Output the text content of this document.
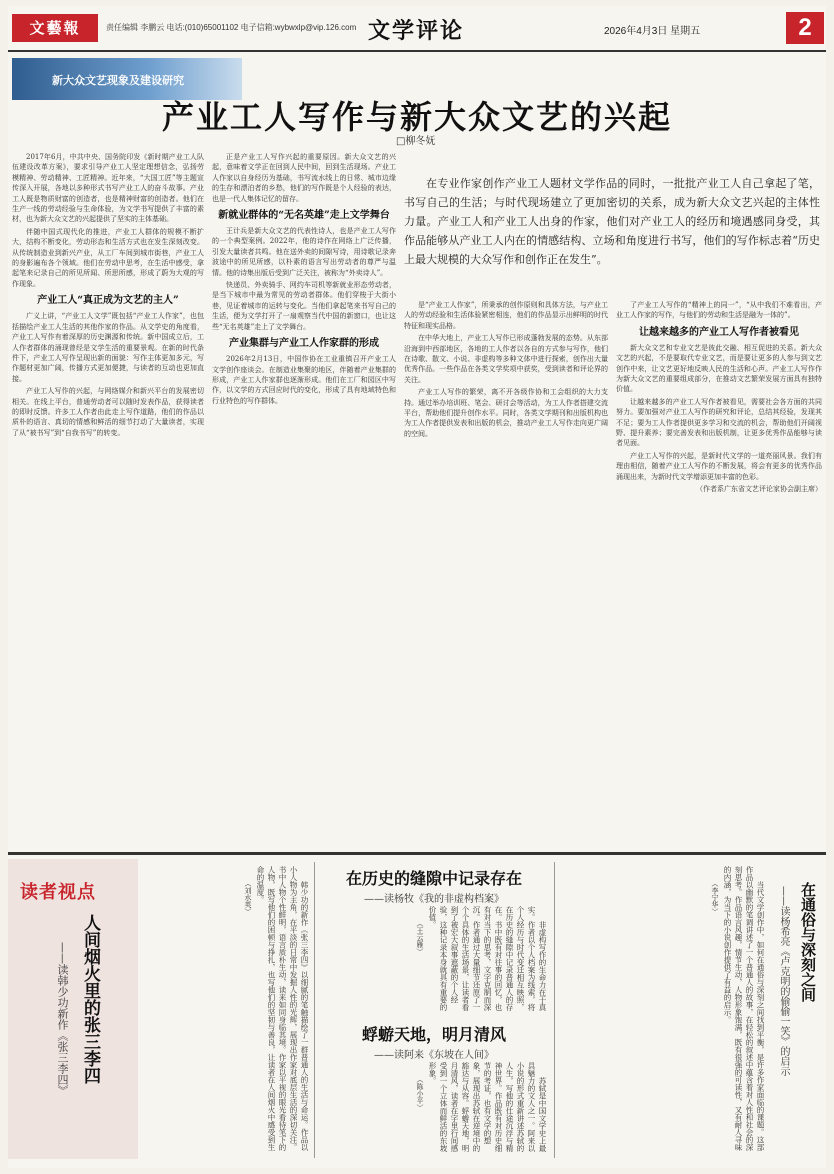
文藝報	责任编辑 李鹏云 电话:(010)65001102 电子信箱:wybwxlp@vip.126.com 文学评论	2026年4月3日 星期五	2
新大众文艺现象及建设研究
产业工人写作与新大众文艺的兴起
□柳冬妩

2017年6月，中共中央、国务院印发《新时期产业工人队伍建设改革方案》，要求引导产业工人坚定理想信念，弘扬劳模精神、劳动精神、工匠精神。近年来，“大国工匠”等主题宣传深入开展，各地以多种形式书写产业工人的奋斗故事。产业工人既是物质财富的创造者，也是精神财富的创造者。他们在生产一线的劳动经验与生命体验，为文学书写提供了丰富的素材，也为新大众文艺的兴起提供了坚实的主体基础。

伴随中国式现代化的推进，产业工人群体的规模不断扩大，结构不断变化，劳动形态和生活方式也在发生深刻改变。从传统制造业到新兴产业，从工厂车间到城市街巷，产业工人的身影遍布各个领域。他们在劳动中思考，在生活中感受，拿起笔来记录自己的所见所闻、所思所感，形成了蔚为大观的写作现象。

产业工人“真正成为文艺的主人”

广义上讲，“产业工人文学”既包括“产业工人作家”，也包括描绘产业工人生活的其他作家的作品。从文学史的角度看，产业工人写作有着深厚的历史渊源和传统。新中国成立后，工人作者群体的涌现曾经是文学生活的重要景观。在新的时代条件下，产业工人写作呈现出新的面貌：写作主体更加多元，写作题材更加广阔，传播方式更加便捷，与读者的互动也更加直接。

产业工人写作的兴起，与网络媒介和新兴平台的发展密切相关。在线上平台，普通劳动者可以随时发表作品，获得读者的即时反馈。许多工人作者由此走上写作道路，他们的作品以质朴的语言、真切的情感和鲜活的细节打动了大量读者，实现了从“被书写”到“自我书写”的转变。

正是产业工人写作兴起的重要原因。新大众文艺的兴起，意味着文学正在回到人民中间，回到生活现场。产业工人作家以自身经历为基础，书写流水线上的日常、城市边缘的生存和漂泊者的乡愁，他们的写作既是个人经验的表达，也是一代人集体记忆的留存。

新就业群体的“无名英雄”走上文学舞台

王计兵是新大众文艺的代表性诗人，也是产业工人写作的一个典型案例。2022年，他的诗作在网络上广泛传播，引发大量读者共鸣。他在送外卖的间隙写诗，用诗歌记录奔波途中的所见所感，以朴素的语言写出劳动者的尊严与温情。他的诗集出版后受到广泛关注，被称为“外卖诗人”。

快递员、外卖骑手、网约车司机等新就业形态劳动者，是当下城市中最为常见的劳动者群体。他们穿梭于大街小巷，见证着城市的运转与变化。当他们拿起笔来书写自己的生活，便为文学打开了一扇观察当代中国的新窗口，也让这些“无名英雄”走上了文学舞台。

产业集群与产业工人作家群的形成

2026年2月13日，中国作协在工业重镇召开产业工人文学创作座谈会。在制造业集聚的地区，伴随着产业集群的形成，产业工人作家群也逐渐形成。他们在工厂和园区中写作，以文学的方式回应时代的变化，形成了具有地域特色和行业特色的写作群体。

在专业作家创作产业工人题材文学作品的同时，一批批产业工人自己拿起了笔，书写自己的生活；与时代现场建立了更加密切的关系，成为新大众文艺兴起的主体性力量。产业工人和产业工人出身的作家，他们对产业工人的经历和境遇感同身受，其作品能够从产业工人内在的情感结构、立场和角度进行书写，他们的写作标志着“历史上最大规模的大众写作和创作正在发生”。

是“产业工人作家”，所秉承的创作原则和具体方法，与产业工人的劳动经验和生活体验紧密相连，他们的作品显示出鲜明的时代特征和现实品格。

在中华大地上，产业工人写作已形成蓬勃发展的态势。从东部沿海到中西部地区，各地的工人作者以各自的方式参与写作，他们在诗歌、散文、小说、非虚构等多种文体中进行探索，创作出大量优秀作品。一些作品在各类文学奖项中获奖，受到读者和评论界的关注。

产业工人写作的繁荣，离不开各级作协和工会组织的大力支持。通过举办培训班、笔会、研讨会等活动，为工人作者搭建交流平台，帮助他们提升创作水平。同时，各类文学期刊和出版机构也为工人作者提供发表和出版的机会，推动产业工人写作走向更广阔的空间。

了产业工人写作的“精神上的同一”，“从中我们不难看出，产业工人作家的写作，与他们的劳动和生活是融为一体的”。

让越来越多的产业工人写作者被看见

新大众文艺和专业文艺是彼此交融、相互促进的关系。新大众文艺的兴起，不是要取代专业文艺，而是要让更多的人参与到文艺创作中来，让文艺更好地反映人民的生活和心声。产业工人写作作为新大众文艺的重要组成部分，在推动文艺繁荣发展方面具有独特价值。

让越来越多的产业工人写作者被看见，需要社会各方面的共同努力。要加强对产业工人写作的研究和评论，总结其经验，发现其不足；要为工人作者提供更多学习和交流的机会，帮助他们开阔视野、提升素养；要完善发表和出版机制，让更多优秀作品能够与读者见面。

产业工人写作的兴起，是新时代文学的一道亮丽风景。我们有理由相信，随着产业工人写作的不断发展，将会有更多的优秀作品涌现出来，为新时代文学增添更加丰富的色彩。

（作者系广东省文艺评论家协会副主席）

读者视点
人间烟火里的张三李四
——读韩少功新作《张三李四》	韩少功的新作《张三李四》以细腻的笔触描绘了一群普通人的生活与命运。作品以小人物为主角，在平淡的日常中发掘人性的光辉，展现出作家对底层生活的深切关注。书中人物个性鲜明，语言质朴生动，读来如同身临其境。作家以平视的眼光看待笔下的人物，既写他们的困顿与挣扎，也写他们的坚韧与善良，让读者在人间烟火中感受到生命的温度。

（刘水英）

在历史的缝隙中记录存在
——读杨牧《我的非虚构档案》

非虚构写作的生命力在于真实。作者以个人档案为线索，将个人经历与时代变迁相互映照，在历史的缝隙中记录普通人的存在。书中既有对往事的回忆，也有对当下的思考，文字克制而深沉。作者通过大量细节还原了一个个具体的生活场景，让读者看到了被宏大叙事遮蔽的个人经验，这种记录本身就具有重要的价值。

（王云雁）

蜉蝣天地，明月清风
——读阿来《东坡在人间》

苏轼是中国文学史上最具魅力的文人之一。阿来以小说的形式重新讲述苏轼的人生，写他的仕途沉浮与精神世界。作品既有对历史细节的考证，也有文学的想象，展现出苏轼在逆境中的豁达与从容。蜉蝣天地，明月清风，读者在字里行间感受到一个立体而鲜活的东坡形象。

（陈小平）	当代文学创作中，如何在通俗与深刻之间找到平衡，是许多作家面临的课题。这部作品以幽默的笔调讲述了一个普通人的故事，在轻松的叙述中蕴含着对人性和社会的深刻思考。作品语言风趣，情节生动，人物形象饱满，既有很强的可读性，又有耐人寻味的内涵，为当下的小说创作提供了有益的启示。

（李宁华）	在通俗与深刻之间
——读杨希亮《卢克明的偷偷一笑》的启示
